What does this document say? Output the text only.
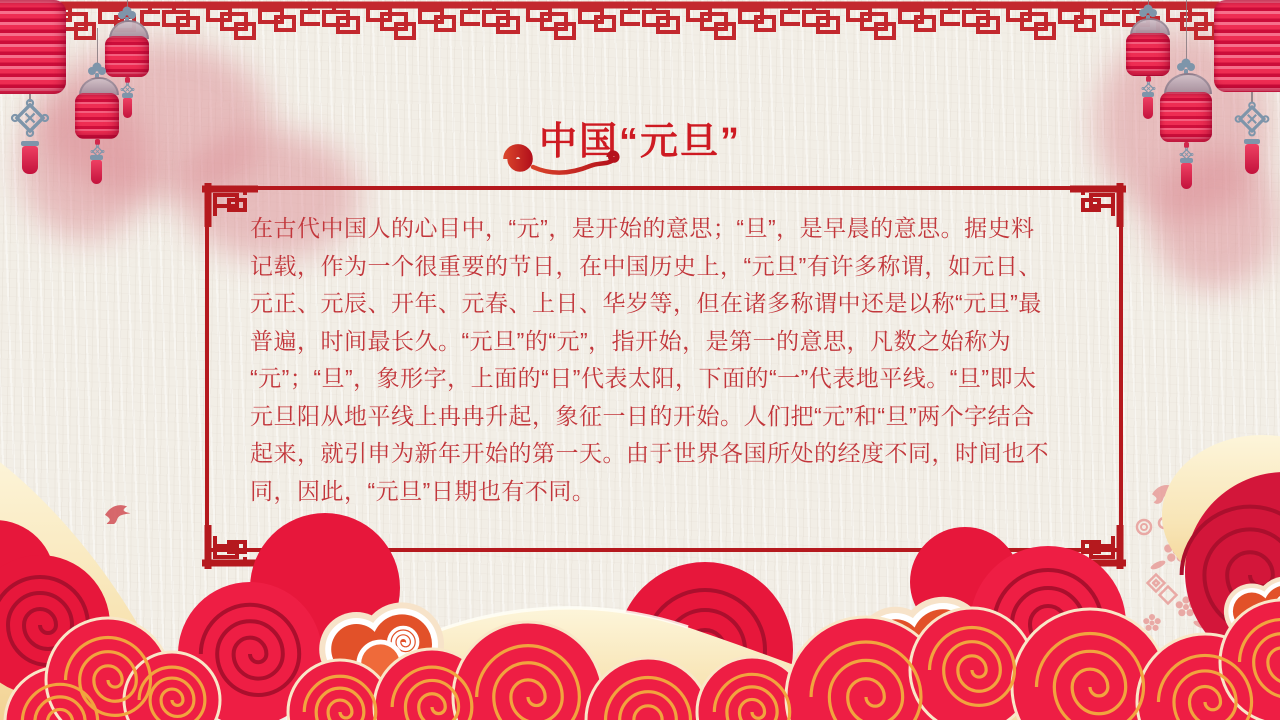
中国“元旦”
在古代中国人的心目中，“元”，是开始的意思；“旦”，是早晨的意思。据史料
记载，作为一个很重要的节日，在中国历史上，“元旦”有许多称谓，如元日、
元正、元辰、开年、元春、上日、华岁等，但在诸多称谓中还是以称“元旦”最
普遍，时间最长久。“元旦”的“元”，指开始，是第一的意思，凡数之始称为
“元”；“旦”，象形字，上面的“日”代表太阳，下面的“一”代表地平线。“旦”即太
元旦阳从地平线上冉冉升起，象征一日的开始。人们把“元”和“旦”两个字结合
起来，就引申为新年开始的第一天。由于世界各国所处的经度不同，时间也不
同，因此，“元旦”日期也有不同。
